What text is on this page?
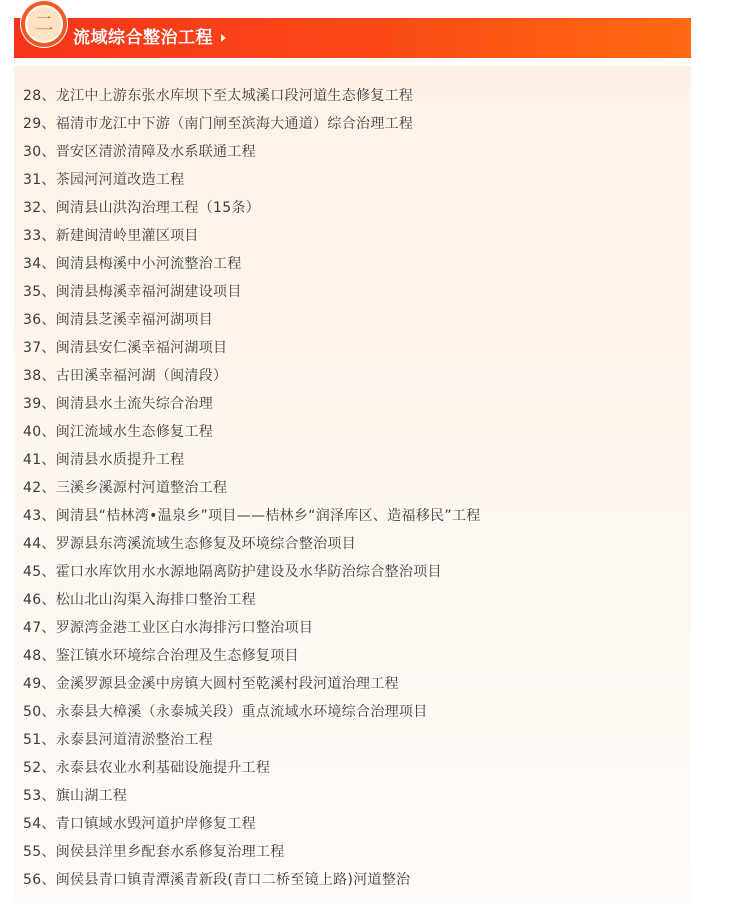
二
流域综合整治工程
28、龙江中上游东张水库坝下至太城溪口段河道生态修复工程
29、福清市龙江中下游（南门闸至滨海大通道）综合治理工程
30、晋安区清淤清障及水系联通工程
31、茶园河河道改造工程
32、闽清县山洪沟治理工程（15条）
33、新建闽清岭里灌区项目
34、闽清县梅溪中小河流整治工程
35、闽清县梅溪幸福河湖建设项目
36、闽清县芝溪幸福河湖项目
37、闽清县安仁溪幸福河湖项目
38、古田溪幸福河湖（闽清段）
39、闽清县水土流失综合治理
40、闽江流域水生态修复工程
41、闽清县水质提升工程
42、三溪乡溪源村河道整治工程
43、闽清县“桔林湾•温泉乡”项目——桔林乡“润泽库区、造福移民”工程
44、罗源县东湾溪流域生态修复及环境综合整治项目
45、霍口水库饮用水水源地隔离防护建设及水华防治综合整治项目
46、松山北山沟渠入海排口整治工程
47、罗源湾金港工业区白水海排污口整治项目
48、鉴江镇水环境综合治理及生态修复项目
49、金溪罗源县金溪中房镇大圆村至乾溪村段河道治理工程
50、永泰县大樟溪（永泰城关段）重点流域水环境综合治理项目
51、永泰县河道清淤整治工程
52、永泰县农业水利基础设施提升工程
53、旗山湖工程
54、青口镇域水毁河道护岸修复工程
55、闽侯县洋里乡配套水系修复治理工程
56、闽侯县青口镇青潭溪青新段(青口二桥至镜上路)河道整治
